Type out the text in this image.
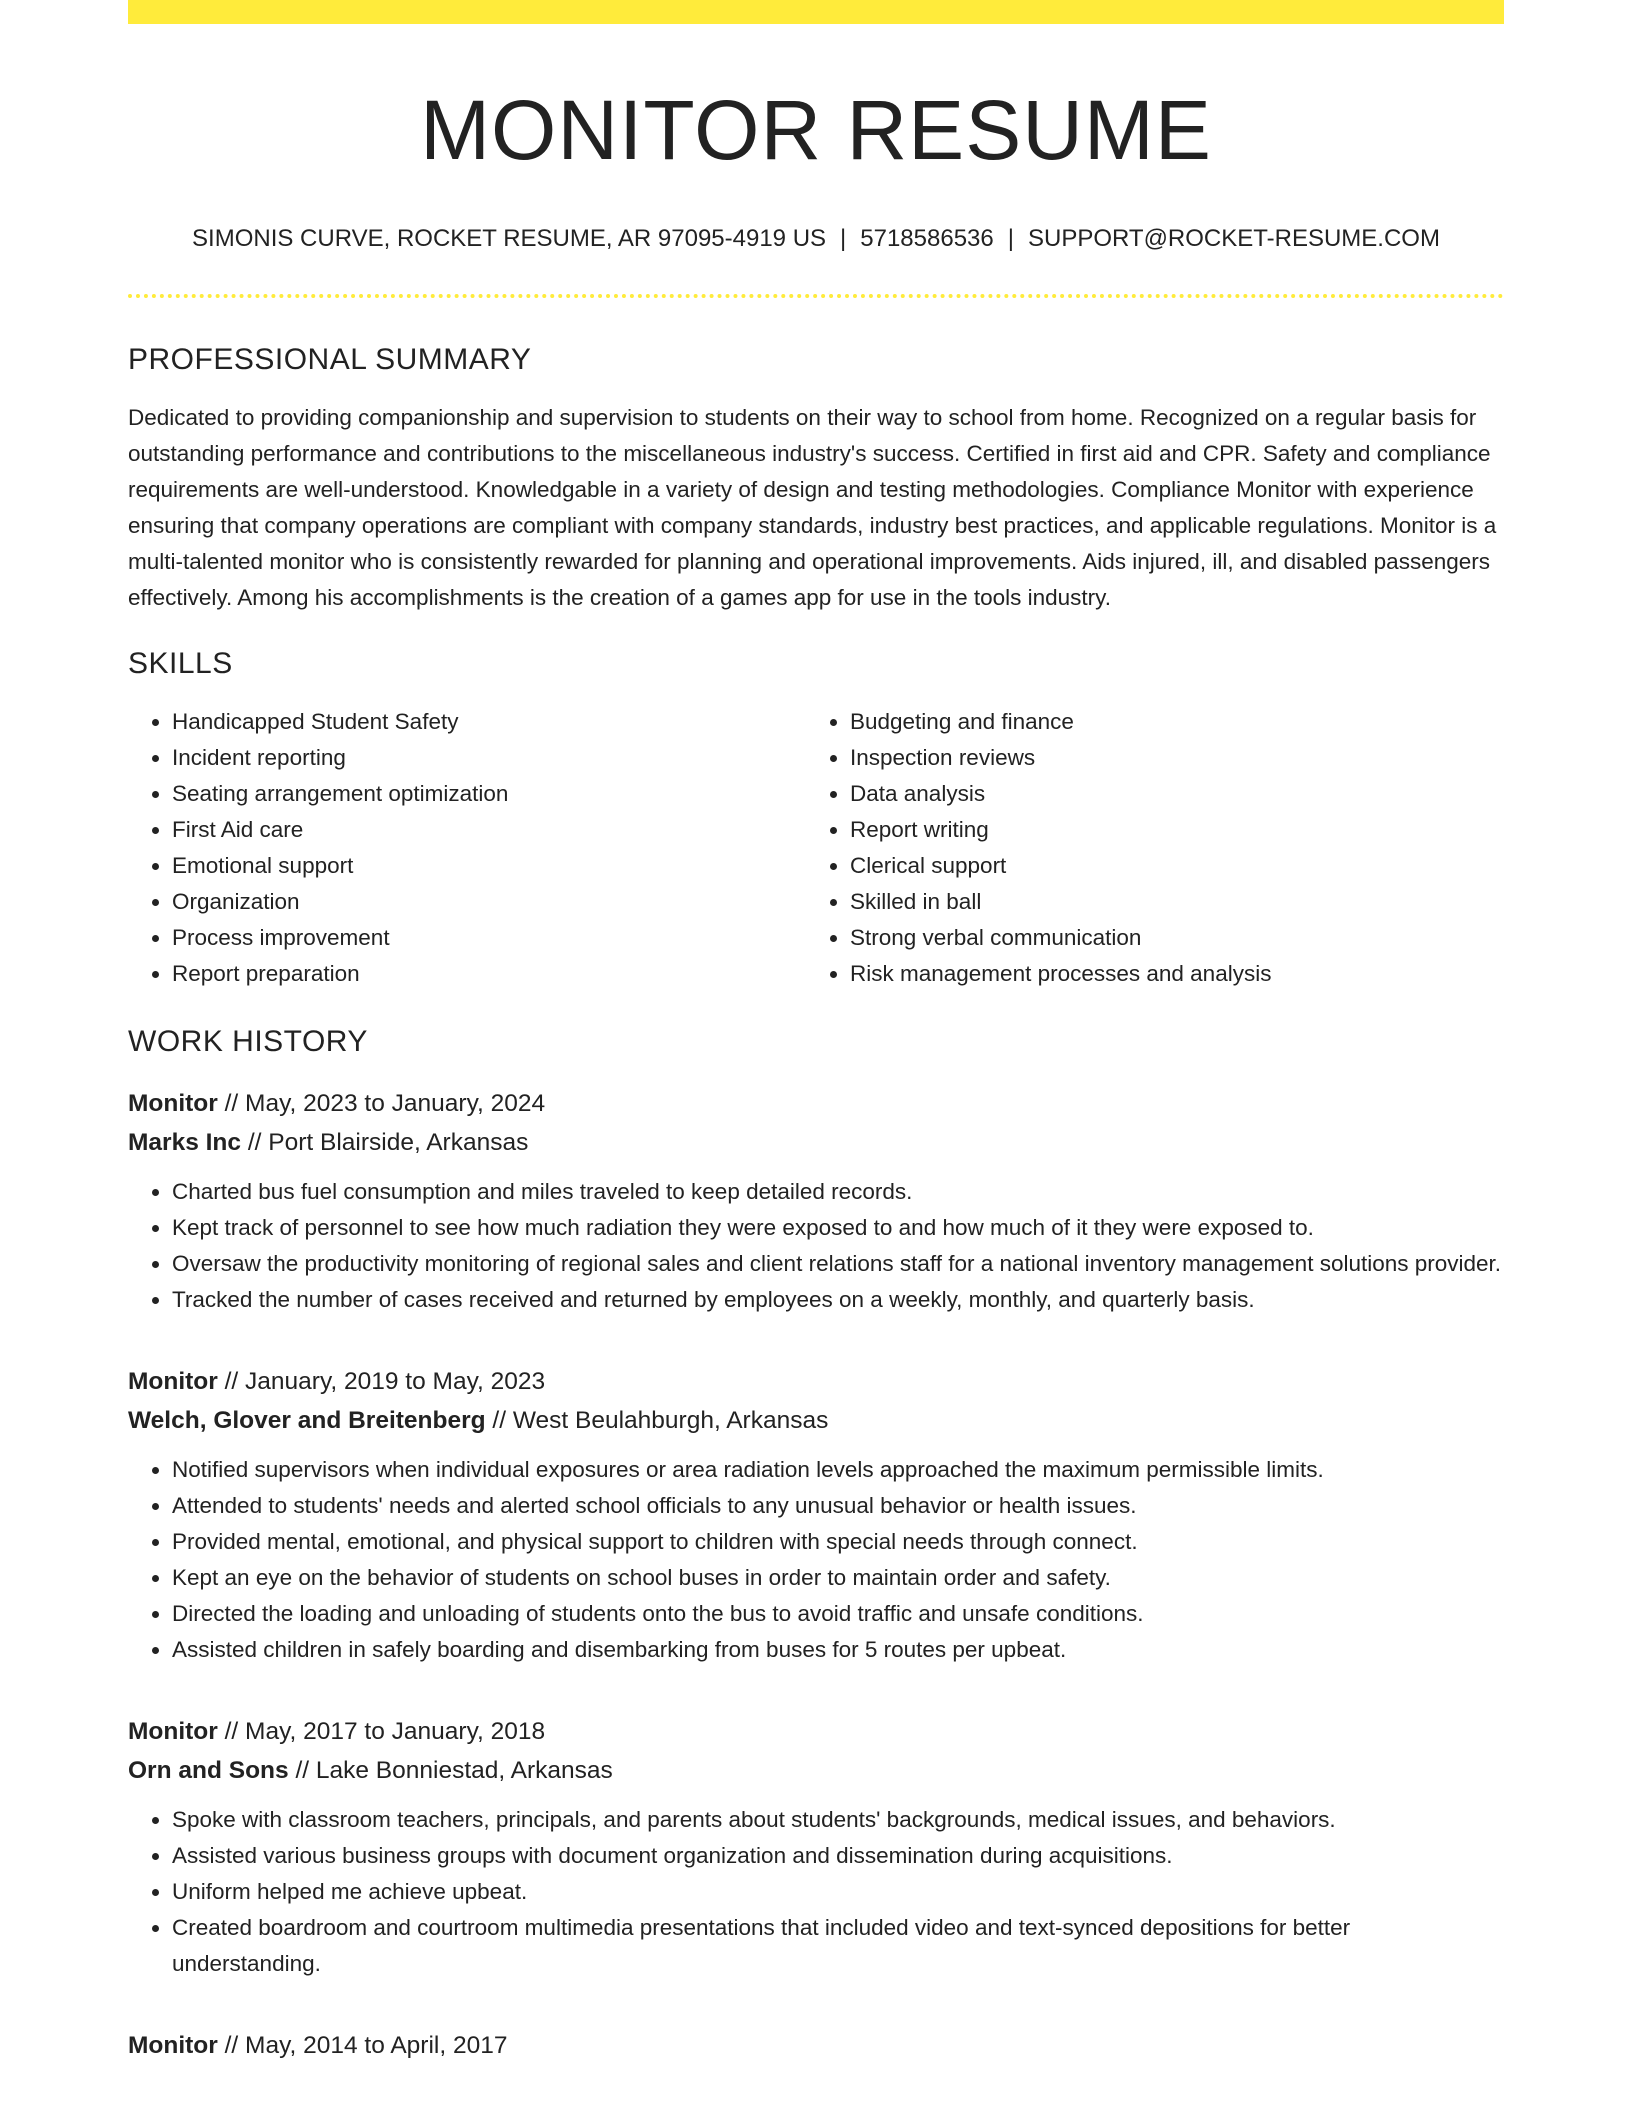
MONITOR RESUME
SIMONIS CURVE, ROCKET RESUME, AR 97095-4919 US | 5718586536 | SUPPORT@ROCKET-RESUME.COM
PROFESSIONAL SUMMARY

Dedicated to providing companionship and supervision to students on their way to school from home. Recognized on a regular basis for outstanding performance and contributions to the miscellaneous industry's success. Certified in first aid and CPR. Safety and compliance requirements are well-understood. Knowledgable in a variety of design and testing methodologies. Compliance Monitor with experience ensuring that company operations are compliant with company standards, industry best practices, and applicable regulations. Monitor is a multi-talented monitor who is consistently rewarded for planning and operational improvements. Aids injured, ill, and disabled passengers effectively. Among his accomplishments is the creation of a games app for use in the tools industry.

SKILLS
• Handicapped Student Safety
• Incident reporting
• Seating arrangement optimization
• First Aid care
• Emotional support
• Organization
• Process improvement
• Report preparation
• Budgeting and finance
• Inspection reviews
• Data analysis
• Report writing
• Clerical support
• Skilled in ball
• Strong verbal communication
• Risk management processes and analysis
WORK HISTORY
Monitor // May, 2023 to January, 2024
Marks Inc // Port Blairside, Arkansas
• Charted bus fuel consumption and miles traveled to keep detailed records.
• Kept track of personnel to see how much radiation they were exposed to and how much of it they were exposed to.
• Oversaw the productivity monitoring of regional sales and client relations staff for a national inventory management solutions provider.
• Tracked the number of cases received and returned by employees on a weekly, monthly, and quarterly basis.
Monitor // January, 2019 to May, 2023
Welch, Glover and Breitenberg // West Beulahburgh, Arkansas
• Notified supervisors when individual exposures or area radiation levels approached the maximum permissible limits.
• Attended to students' needs and alerted school officials to any unusual behavior or health issues.
• Provided mental, emotional, and physical support to children with special needs through connect.
• Kept an eye on the behavior of students on school buses in order to maintain order and safety.
• Directed the loading and unloading of students onto the bus to avoid traffic and unsafe conditions.
• Assisted children in safely boarding and disembarking from buses for 5 routes per upbeat.
Monitor // May, 2017 to January, 2018
Orn and Sons // Lake Bonniestad, Arkansas
• Spoke with classroom teachers, principals, and parents about students' backgrounds, medical issues, and behaviors.
• Assisted various business groups with document organization and dissemination during acquisitions.
• Uniform helped me achieve upbeat.
• Created boardroom and courtroom multimedia presentations that included video and text-synced depositions for better understanding.
Monitor // May, 2014 to April, 2017
